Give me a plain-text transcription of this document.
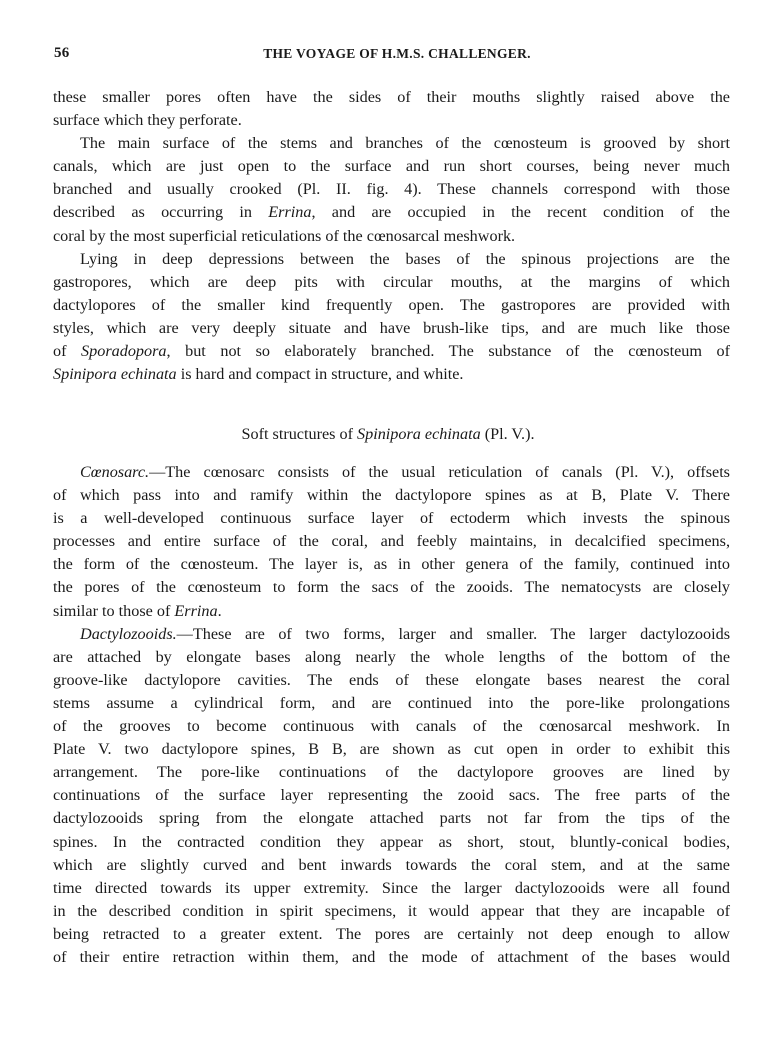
56	THE VOYAGE OF H.M.S. CHALLENGER.
these smaller pores often have the sides of their mouths slightly raised above the
surface which they perforate.
The main surface of the stems and branches of the cœnosteum is grooved by short
canals, which are just open to the surface and run short courses, being never much
branched and usually crooked (Pl. II. fig. 4). These channels correspond with those
described as occurring in Errina, and are occupied in the recent condition of the
coral by the most superficial reticulations of the cœnosarcal meshwork.
Lying in deep depressions between the bases of the spinous projections are the
gastropores, which are deep pits with circular mouths, at the margins of which
dactylopores of the smaller kind frequently open. The gastropores are provided with
styles, which are very deeply situate and have brush-like tips, and are much like those
of Sporadopora, but not so elaborately branched. The substance of the cœnosteum of
Spinipora echinata is hard and compact in structure, and white.
Soft structures of Spinipora echinata (Pl. V.).
Cœnosarc.—The cœnosarc consists of the usual reticulation of canals (Pl. V.), offsets
of which pass into and ramify within the dactylopore spines as at B, Plate V. There
is a well-developed continuous surface layer of ectoderm which invests the spinous
processes and entire surface of the coral, and feebly maintains, in decalcified specimens,
the form of the cœnosteum. The layer is, as in other genera of the family, continued into
the pores of the cœnosteum to form the sacs of the zooids. The nematocysts are closely
similar to those of Errina.
Dactylozooids.—These are of two forms, larger and smaller. The larger dactylozooids
are attached by elongate bases along nearly the whole lengths of the bottom of the
groove-like dactylopore cavities. The ends of these elongate bases nearest the coral
stems assume a cylindrical form, and are continued into the pore-like prolongations
of the grooves to become continuous with canals of the cœnosarcal meshwork. In
Plate V. two dactylopore spines, B B, are shown as cut open in order to exhibit this
arrangement. The pore-like continuations of the dactylopore grooves are lined by
continuations of the surface layer representing the zooid sacs. The free parts of the
dactylozooids spring from the elongate attached parts not far from the tips of the
spines. In the contracted condition they appear as short, stout, bluntly-conical bodies,
which are slightly curved and bent inwards towards the coral stem, and at the same
time directed towards its upper extremity. Since the larger dactylozooids were all found
in the described condition in spirit specimens, it would appear that they are incapable of
being retracted to a greater extent. The pores are certainly not deep enough to allow
of their entire retraction within them, and the mode of attachment of the bases would
